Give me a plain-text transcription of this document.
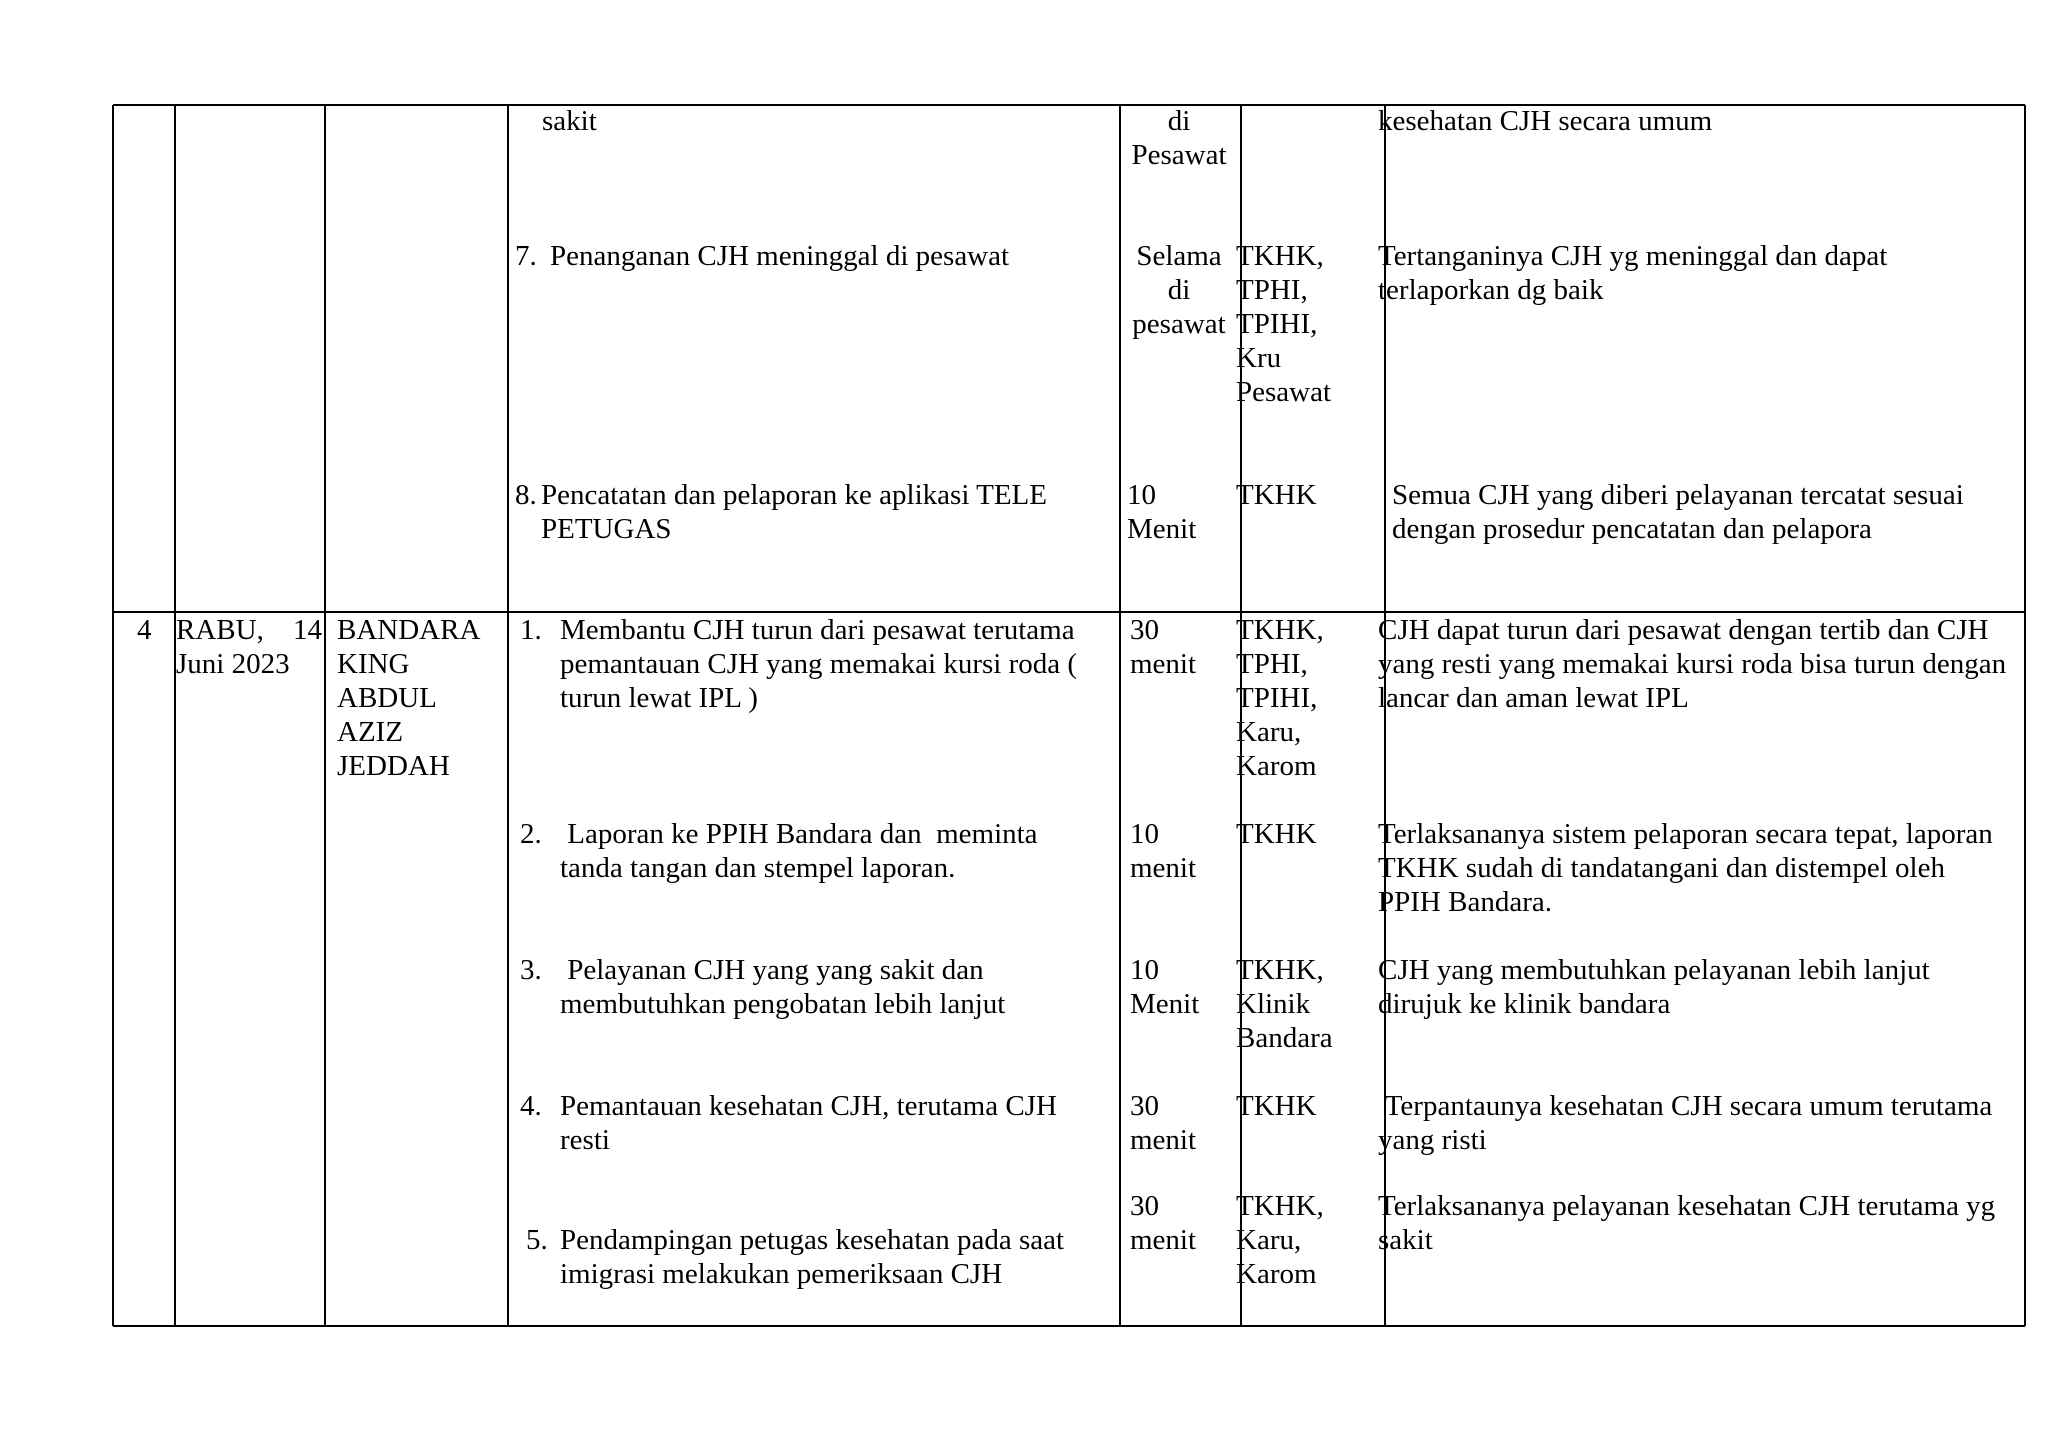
sakit
7. Penanganan CJH meninggal di pesawat
8. Pencatatan dan pelaporan ke aplikasi TELE
PETUGAS
di
Pesawat
Selama
di
pesawat
10
Menit
TKHK,
TPHI,
TPIHI,
Kru
Pesawat
TKHK
kesehatan CJH secara umum
Tertanganinya CJH yg meninggal dan dapat
terlaporkan dg baik
Semua CJH yang diberi pelayanan tercatat sesuai
dengan prosedur pencatatan dan pelapora
4 RABU, 14
Juni 2023
BANDARA
KING
ABDUL
AZIZ
JEDDAH
1. Membantu CJH turun dari pesawat terutama
pemantauan CJH yang memakai kursi roda (
turun lewat IPL )
2. Laporan ke PPIH Bandara dan  meminta
tanda tangan dan stempel laporan.
3. Pelayanan CJH yang yang sakit dan
membutuhkan pengobatan lebih lanjut
4. Pemantauan kesehatan CJH, terutama CJH
resti
5. Pendampingan petugas kesehatan pada saat
imigrasi melakukan pemeriksaan CJH
30
menit
10
menit
10
Menit
30
menit
30
menit
TKHK,
TPHI,
TPIHI,
Karu,
Karom
TKHK
TKHK,
Klinik
Bandara
TKHK
TKHK,
Karu,
Karom
CJH dapat turun dari pesawat dengan tertib dan CJH
yang resti yang memakai kursi roda bisa turun dengan
lancar dan aman lewat IPL
Terlaksananya sistem pelaporan secara tepat, laporan
TKHK sudah di tandatangani dan distempel oleh
PPIH Bandara.
CJH yang membutuhkan pelayanan lebih lanjut
dirujuk ke klinik bandara
Terpantaunya kesehatan CJH secara umum terutama
yang risti
Terlaksananya pelayanan kesehatan CJH terutama yg
sakit
